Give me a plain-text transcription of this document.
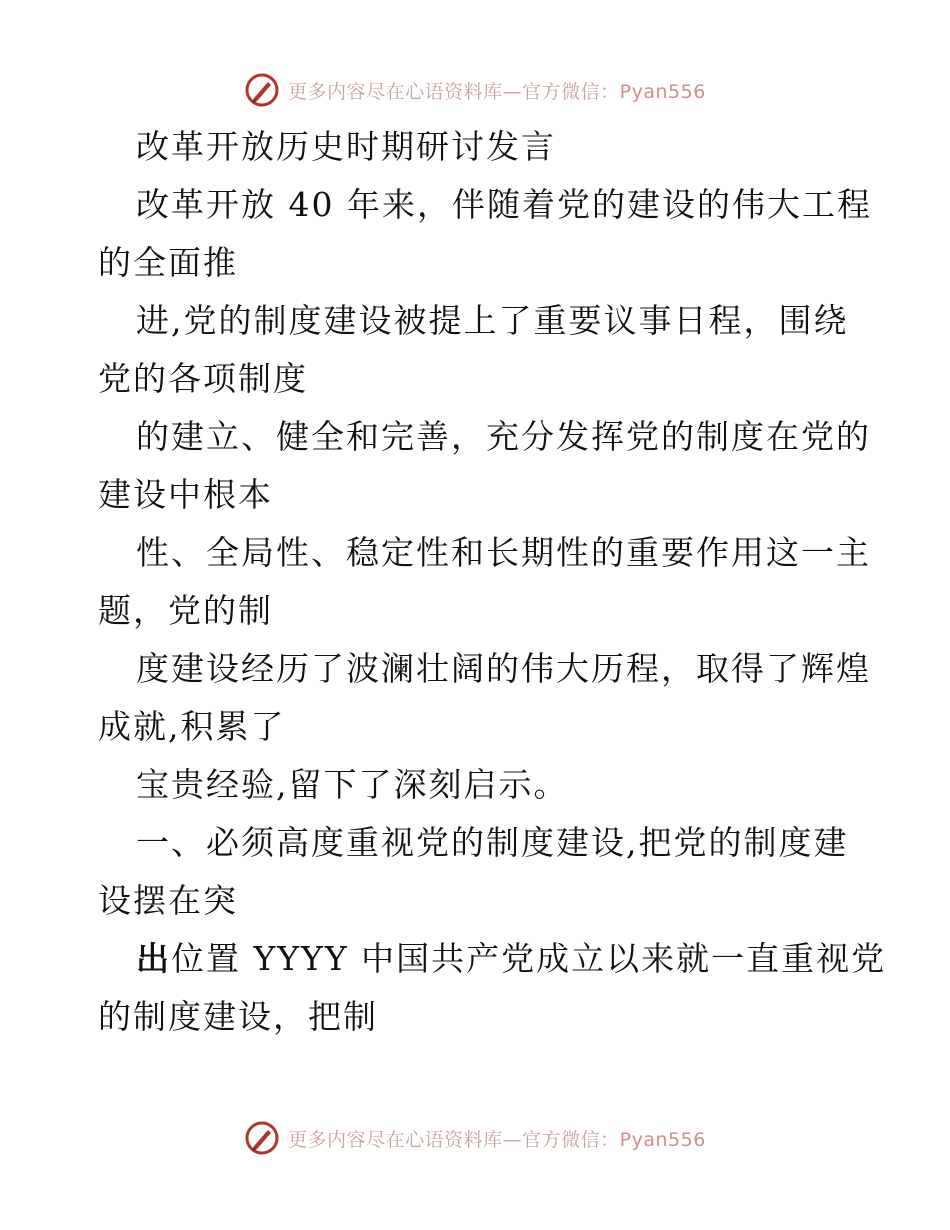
更多内容尽在心语资料库—官方微信：Pyan556
改革开放历史时期研讨发言
改革开放 40 年来，伴随着党的建设的伟大工程
的全面推
进,党的制度建设被提上了重要议事日程，围绕
党的各项制度
的建立、健全和完善，充分发挥党的制度在党的
建设中根本
性、全局性、稳定性和长期性的重要作用这一主
题，党的制
度建设经历了波澜壮阔的伟大历程，取得了辉煌
成就,积累了
宝贵经验,留下了深刻启示。
一、必须高度重视党的制度建设,把党的制度建
设摆在突
出位置 YYYY 中国共产党成立以来就一直重视党
的制度建设，把制
更多内容尽在心语资料库—官方微信：Pyan556
